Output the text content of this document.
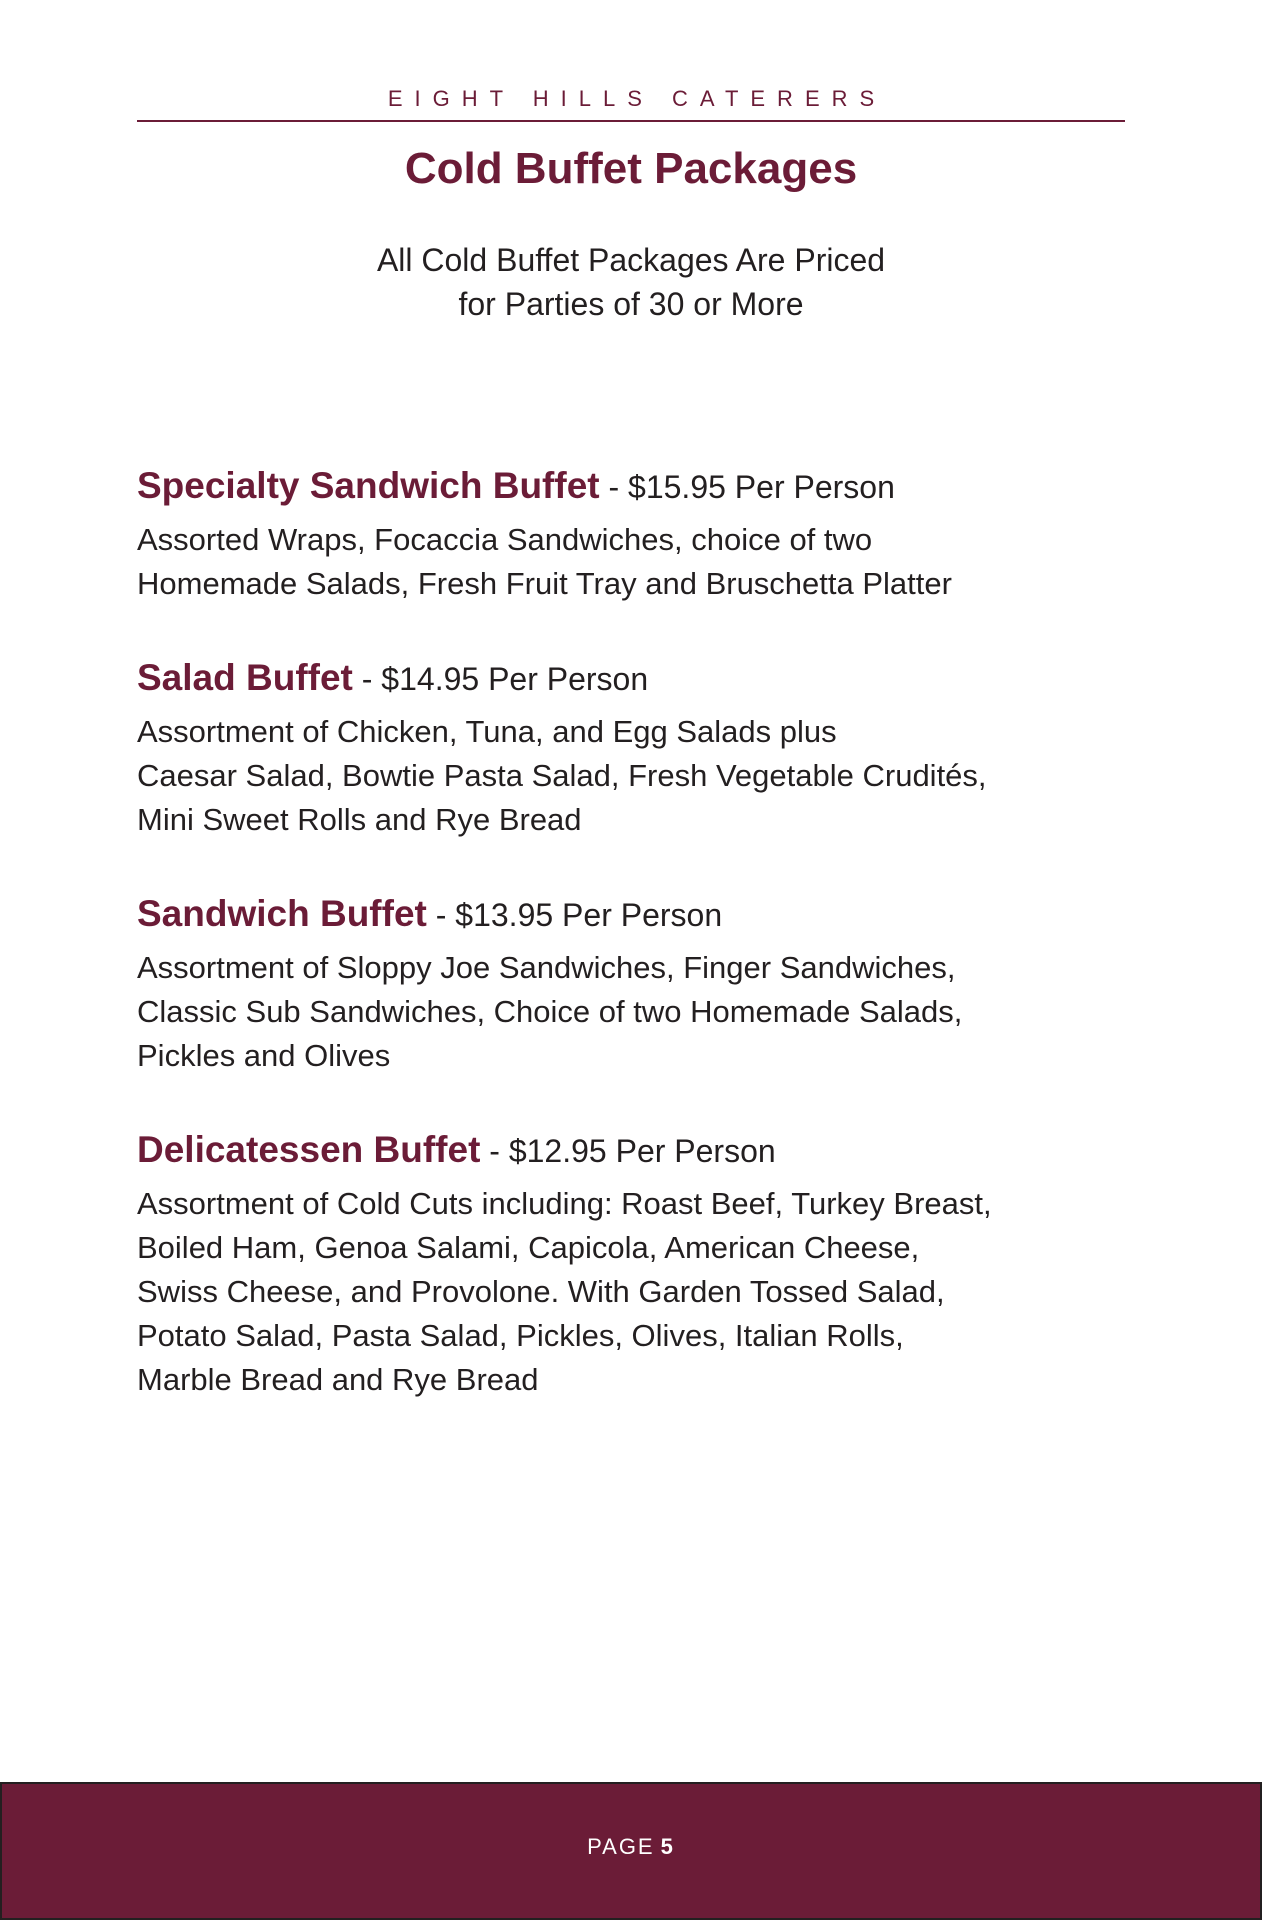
EIGHT HILLS CATERERS

Cold Buffet Packages

All Cold Buffet Packages Are Priced
for Parties of 30 or More

Specialty Sandwich Buffet - $15.95 Per Person
Assorted Wraps, Focaccia Sandwiches, choice of two
Homemade Salads, Fresh Fruit Tray and Bruschetta Platter
Salad Buffet - $14.95 Per Person
Assortment of Chicken, Tuna, and Egg Salads plus
Caesar Salad, Bowtie Pasta Salad, Fresh Vegetable Crudités,
Mini Sweet Rolls and Rye Bread
Sandwich Buffet - $13.95 Per Person
Assortment of Sloppy Joe Sandwiches, Finger Sandwiches,
Classic Sub Sandwiches, Choice of two Homemade Salads,
Pickles and Olives
Delicatessen Buffet - $12.95 Per Person
Assortment of Cold Cuts including: Roast Beef, Turkey Breast,
Boiled Ham, Genoa Salami, Capicola, American Cheese,
Swiss Cheese, and Provolone. With Garden Tossed Salad,
Potato Salad, Pasta Salad, Pickles, Olives, Italian Rolls,
Marble Bread and Rye Bread
PAGE 5
